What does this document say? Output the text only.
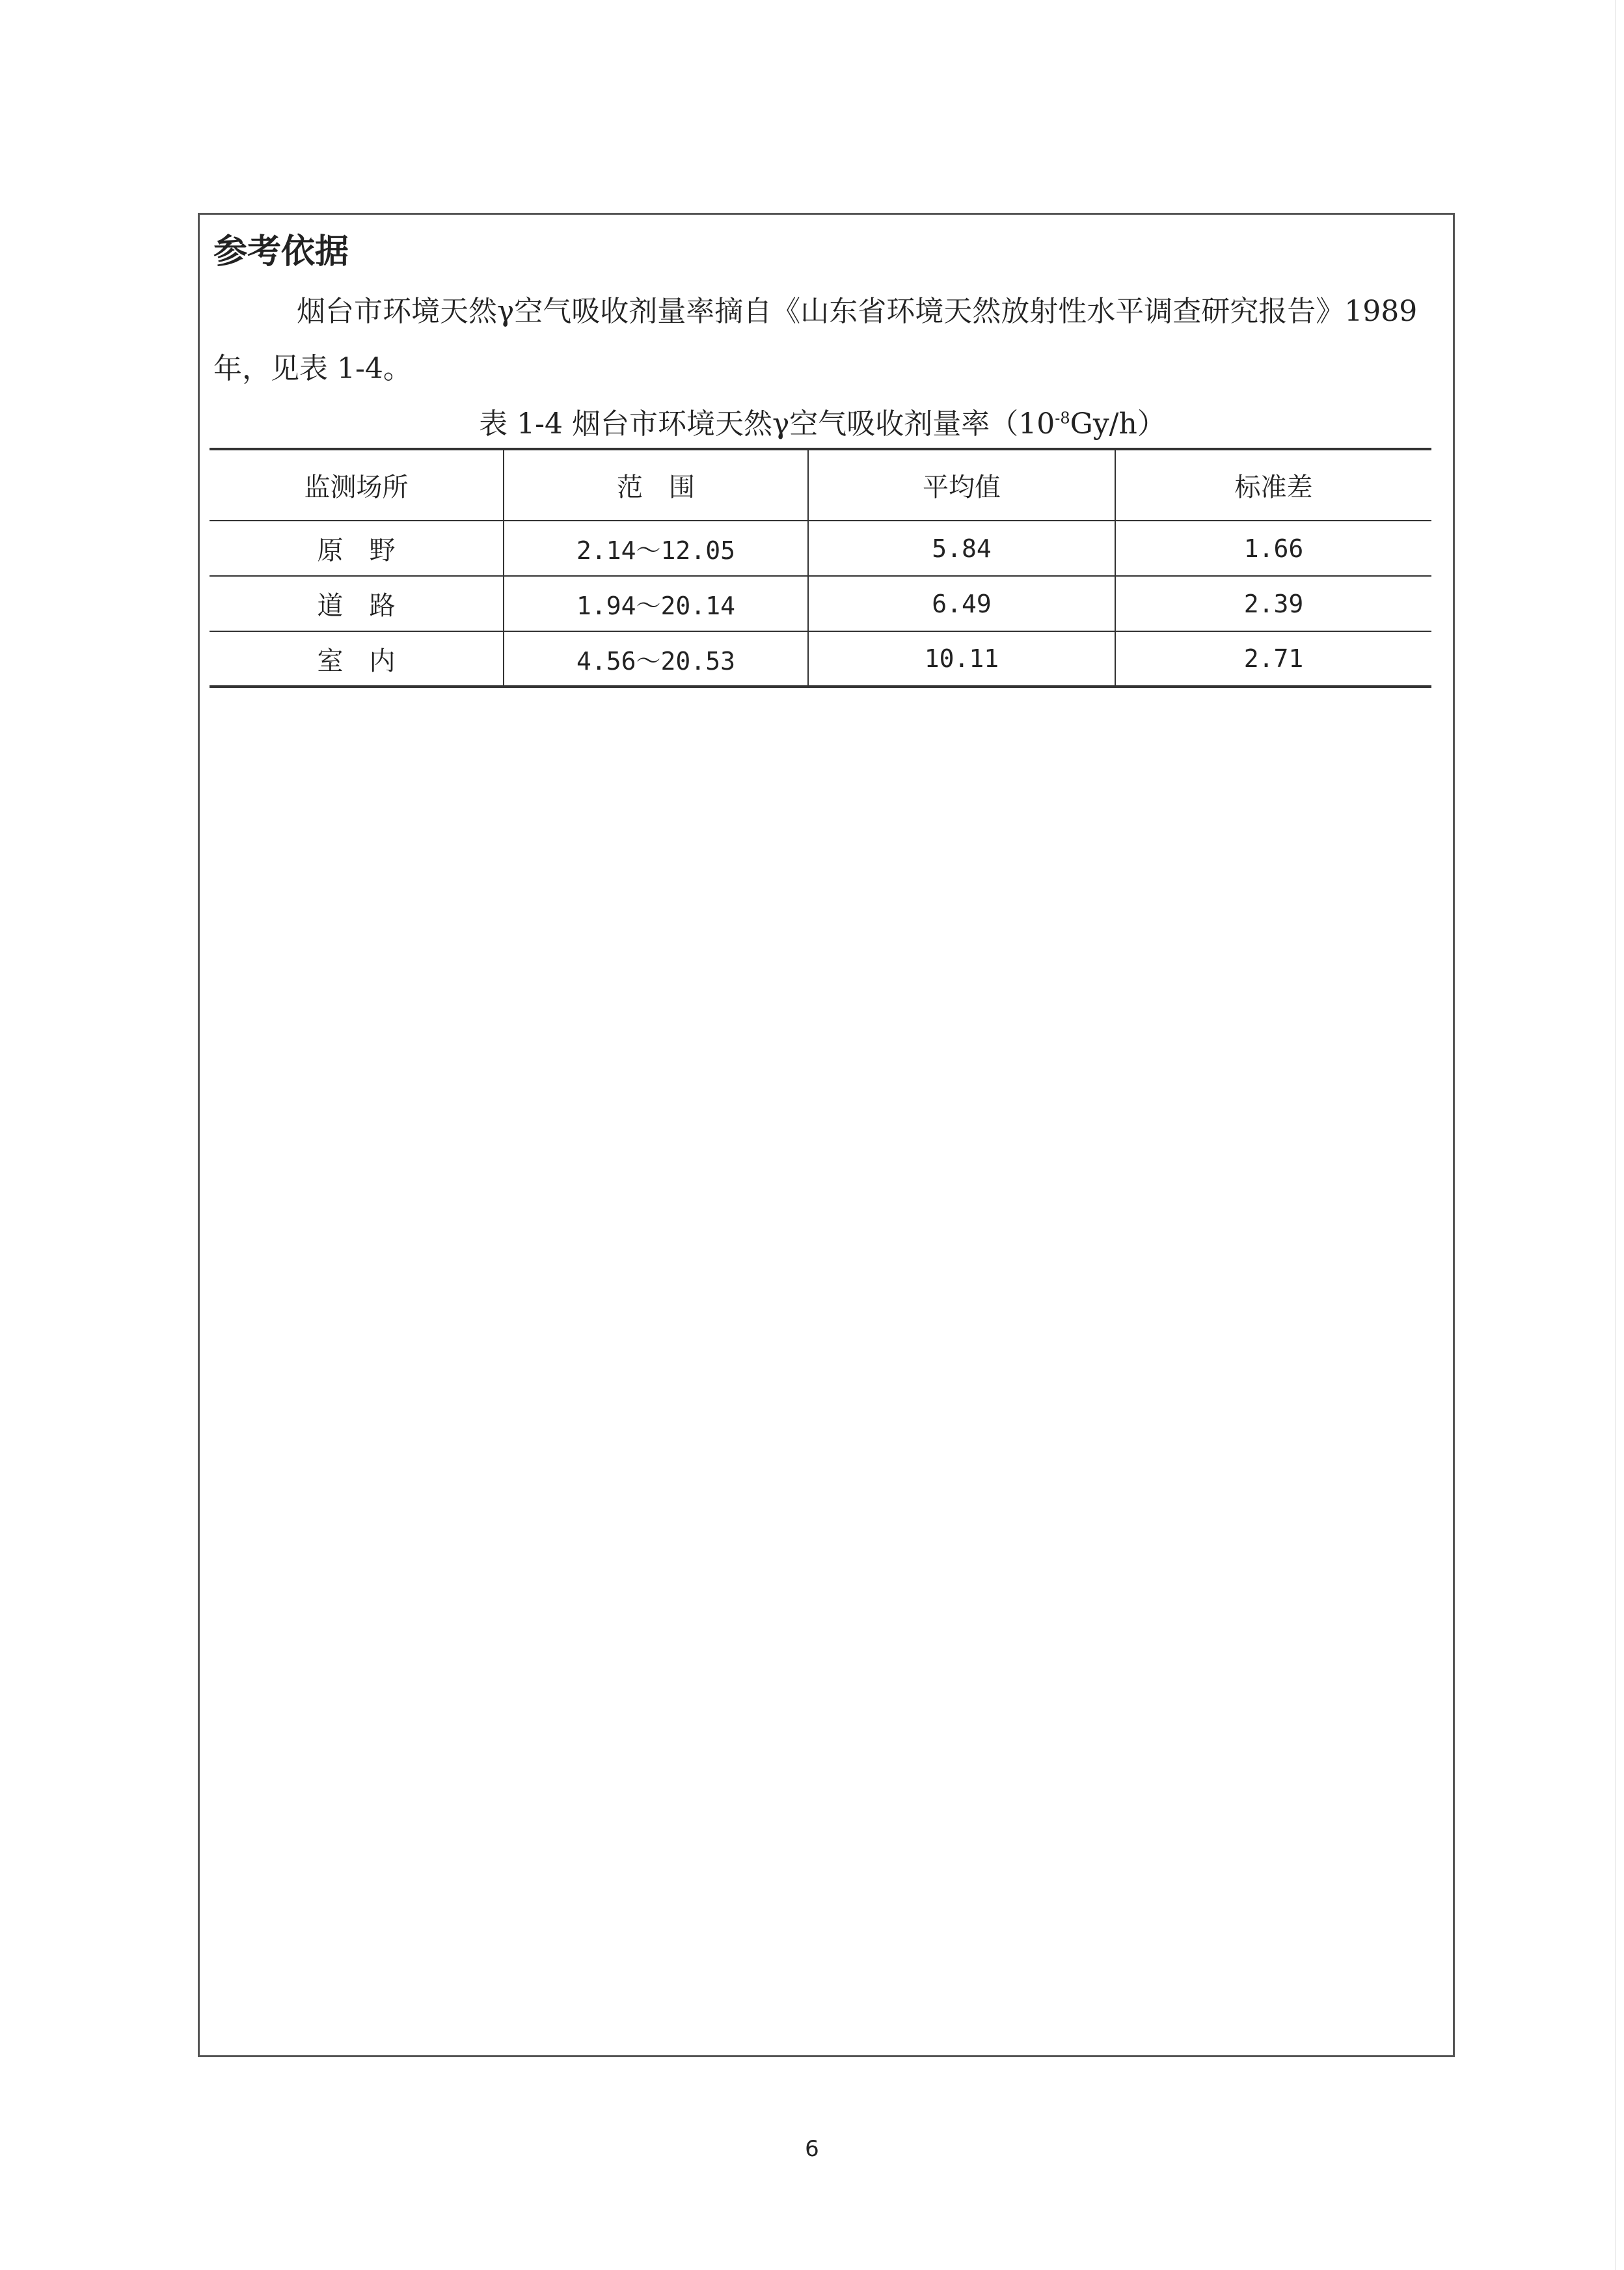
参考依据

烟台市环境天然γ空气吸收剂量率摘自《山东省环境天然放射性水平调查研究报告》1989 年，见表 1-4。

表 1-4 烟台市环境天然γ空气吸收剂量率$(10^{-8}Gy/h)$
监测场所	范　围	平均值	标准差
原　野	2.14～12.05	5.84	1.66
道　路	1.94～20.14	6.49	2.39
室　内	4.56～20.53	10.11	2.71
6
